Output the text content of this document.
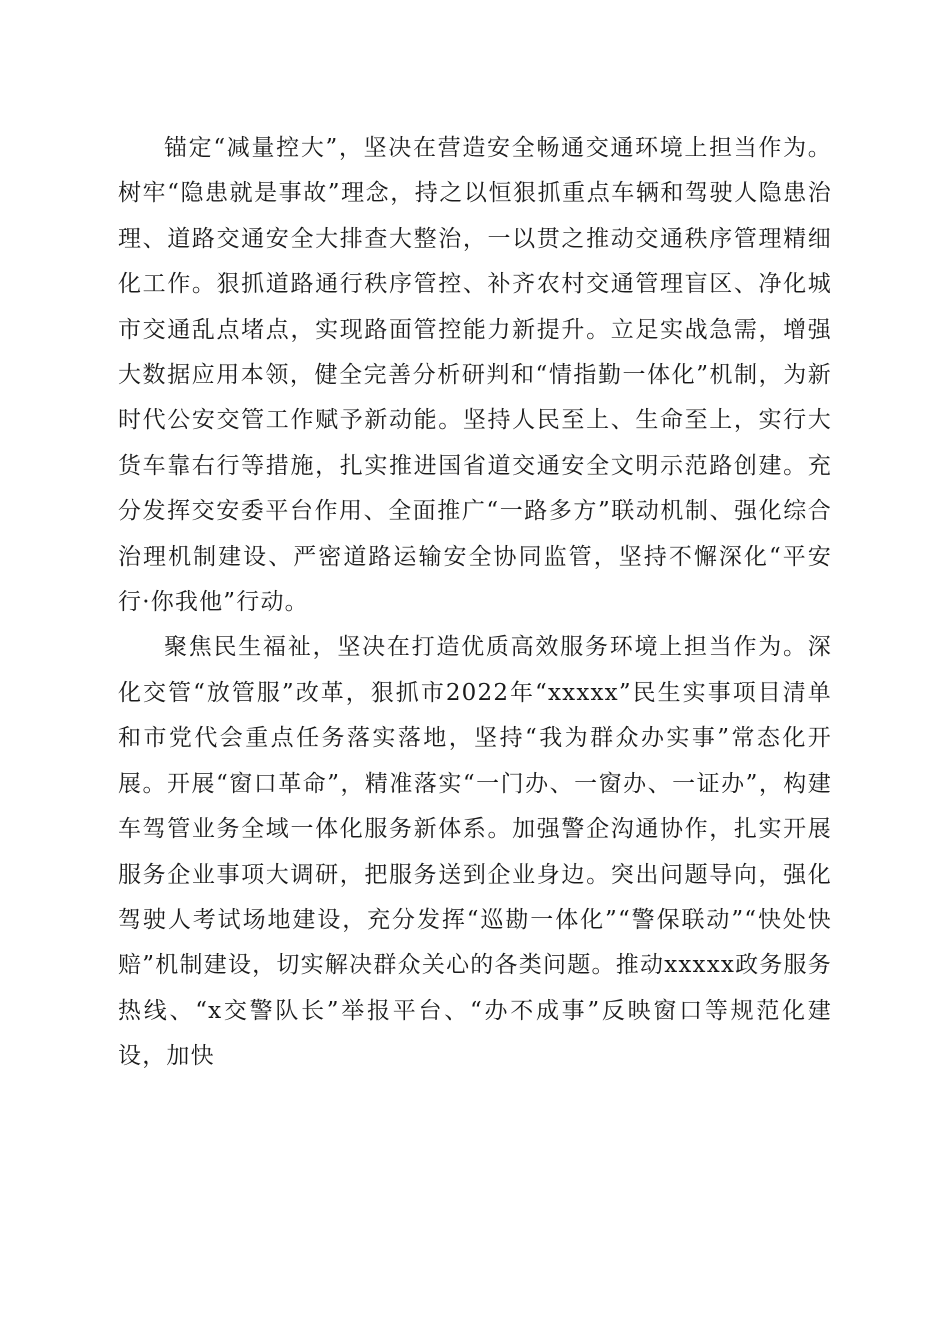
锚定“减量控大”，坚决在营造安全畅通交通环境上担当作为。树牢“隐患就是事故”理念，持之以恒狠抓重点车辆和驾驶人隐患治理、道路交通安全大排查大整治，一以贯之推动交通秩序管理精细化工作。狠抓道路通行秩序管控、补齐农村交通管理盲区、净化城市交通乱点堵点，实现路面管控能力新提升。立足实战急需，增强大数据应用本领，健全完善分析研判和“情指勤一体化”机制，为新时代公安交管工作赋予新动能。坚持人民至上、生命至上，实行大货车靠右行等措施，扎实推进国省道交通安全文明示范路创建。充分发挥交安委平台作用、全面推广“一路多方”联动机制、强化综合治理机制建设、严密道路运输安全协同监管，坚持不懈深化“平安行·你我他”行动。

聚焦民生福祉，坚决在打造优质高效服务环境上担当作为。深化交管“放管服”改革，狠抓市2022年“xxxxx”民生实事项目清单和市党代会重点任务落实落地，坚持“我为群众办实事”常态化开展。开展“窗口革命”，精准落实“一门办、一窗办、一证办”，构建车驾管业务全域一体化服务新体系。加强警企沟通协作，扎实开展服务企业事项大调研，把服务送到企业身边。突出问题导向，强化驾驶人考试场地建设，充分发挥“巡勘一体化”“警保联动”“快处快赔”机制建设，切实解决群众关心的各类问题。推动xxxxx政务服务热线、“x交警队长”举报平台、“办不成事”反映窗口等规范化建设，加快
